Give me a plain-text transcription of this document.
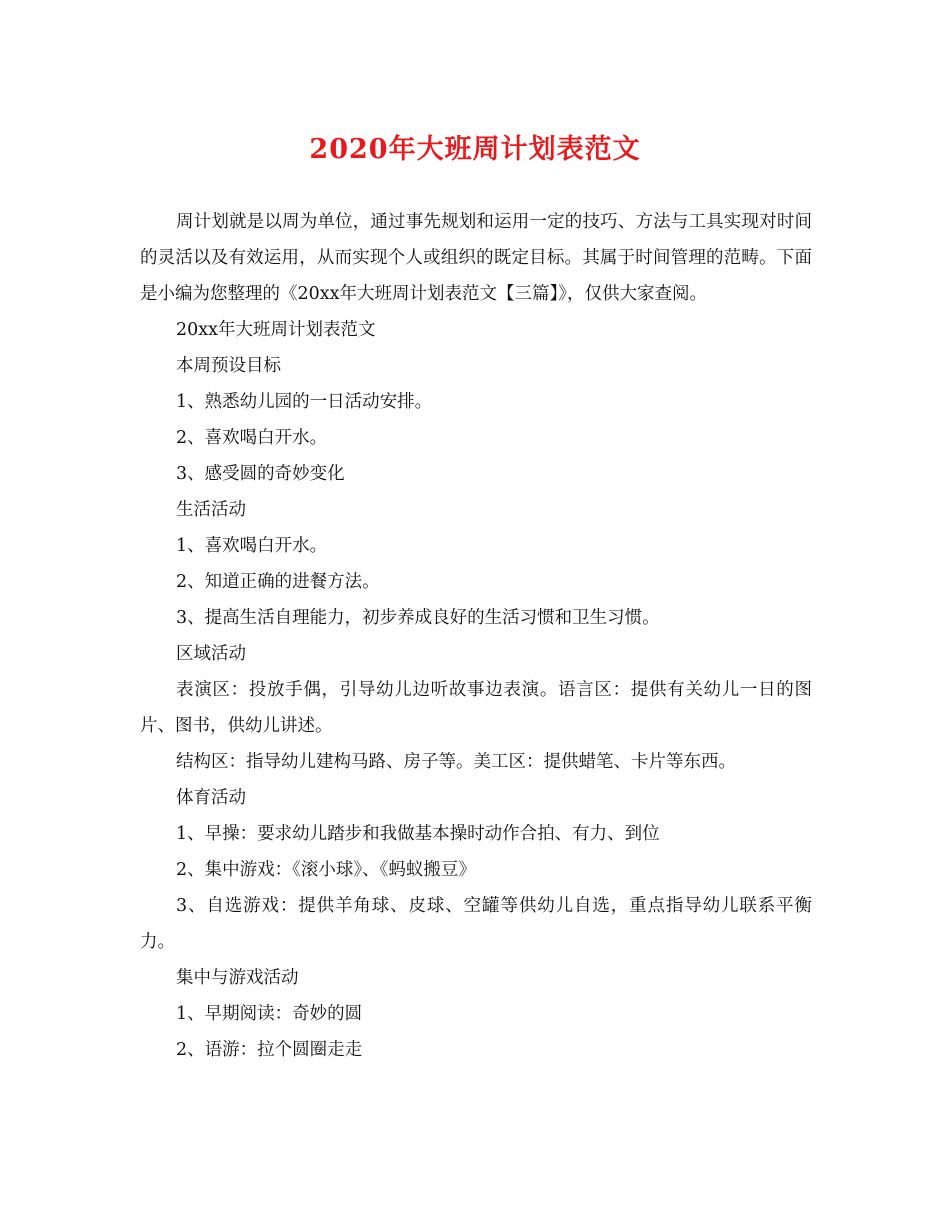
2020年大班周计划表范文

周计划就是以周为单位，通过事先规划和运用一定的技巧、方法与工具实现对时间的灵活以及有效运用，从而实现个人或组织的既定目标。其属于时间管理的范畴。下面是小编为您整理的《20xx年大班周计划表范文【三篇】》，仅供大家查阅。

20xx年大班周计划表范文

本周预设目标

1、熟悉幼儿园的一日活动安排。

2、喜欢喝白开水。

3、感受圆的奇妙变化

生活活动

1、喜欢喝白开水。

2、知道正确的进餐方法。

3、提高生活自理能力，初步养成良好的生活习惯和卫生习惯。

区域活动

表演区：投放手偶，引导幼儿边听故事边表演。语言区：提供有关幼儿一日的图片、图书，供幼儿讲述。

结构区：指导幼儿建构马路、房子等。美工区：提供蜡笔、卡片等东西。

体育活动

1、早操：要求幼儿踏步和我做基本操时动作合拍、有力、到位

2、集中游戏：《滚小球》、《蚂蚁搬豆》

3、自选游戏：提供羊角球、皮球、空罐等供幼儿自选，重点指导幼儿联系平衡力。

集中与游戏活动

1、早期阅读：奇妙的圆

2、语游：拉个圆圈走走
